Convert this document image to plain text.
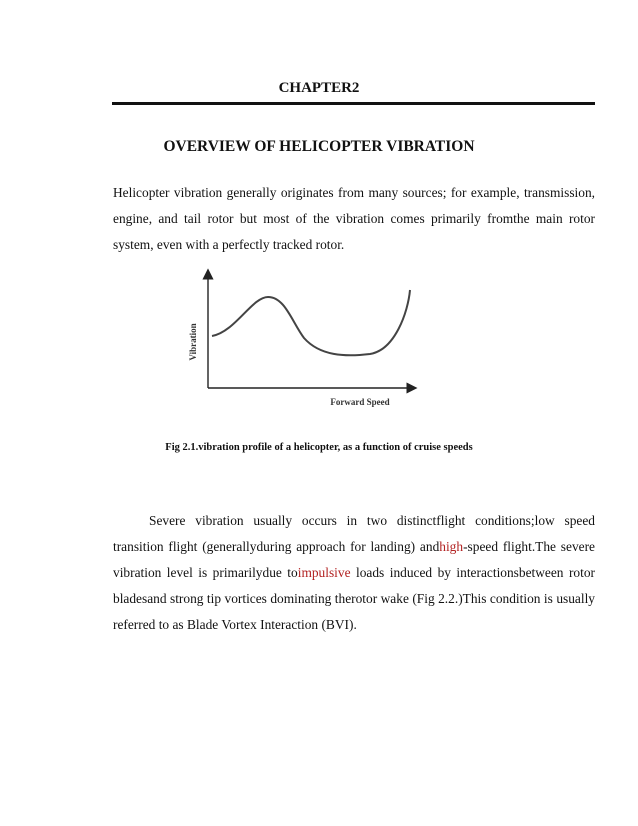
CHAPTER2
OVERVIEW OF HELICOPTER VIBRATION

Helicopter vibration generally originates from many sources; for example, transmission, engine, and tail rotor but most of the vibration comes primarily fromthe main rotor system, even with a perfectly tracked rotor.

Vibration
Forward Speed
Fig 2.1.vibration profile of a helicopter, as a function of cruise speeds

Severe vibration usually occurs in two distinctflight conditions;low speed transition flight (generallyduring approach for landing) andhigh-speed flight.The severe vibration level is primarilydue toimpulsive loads induced by interactionsbetween rotor bladesand strong tip vortices dominating therotor wake (Fig 2.2.)This condition is usually referred to as Blade Vortex Interaction (BVI).
